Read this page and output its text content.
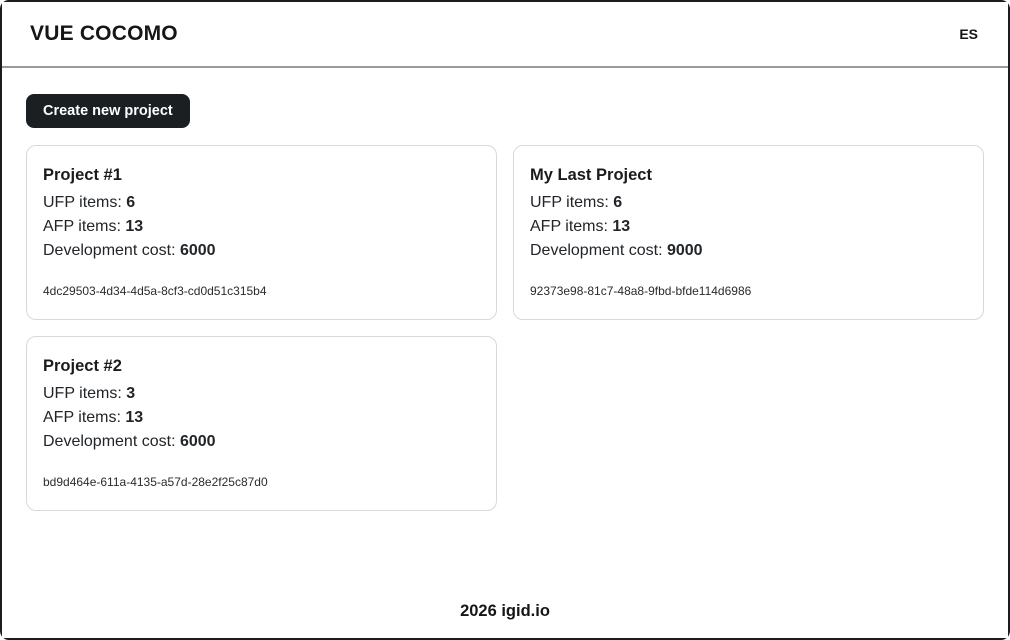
VUE COCOMO	ES
Create new project
Project #1
UFP items: 6
AFP items: 13
Development cost: 6000
4dc29503-4d34-4d5a-8cf3-cd0d51c315b4
My Last Project
UFP items: 6
AFP items: 13
Development cost: 9000
92373e98-81c7-48a8-9fbd-bfde114d6986
Project #2
UFP items: 3
AFP items: 13
Development cost: 6000
bd9d464e-611a-4135-a57d-28e2f25c87d0
2026 igid.io
